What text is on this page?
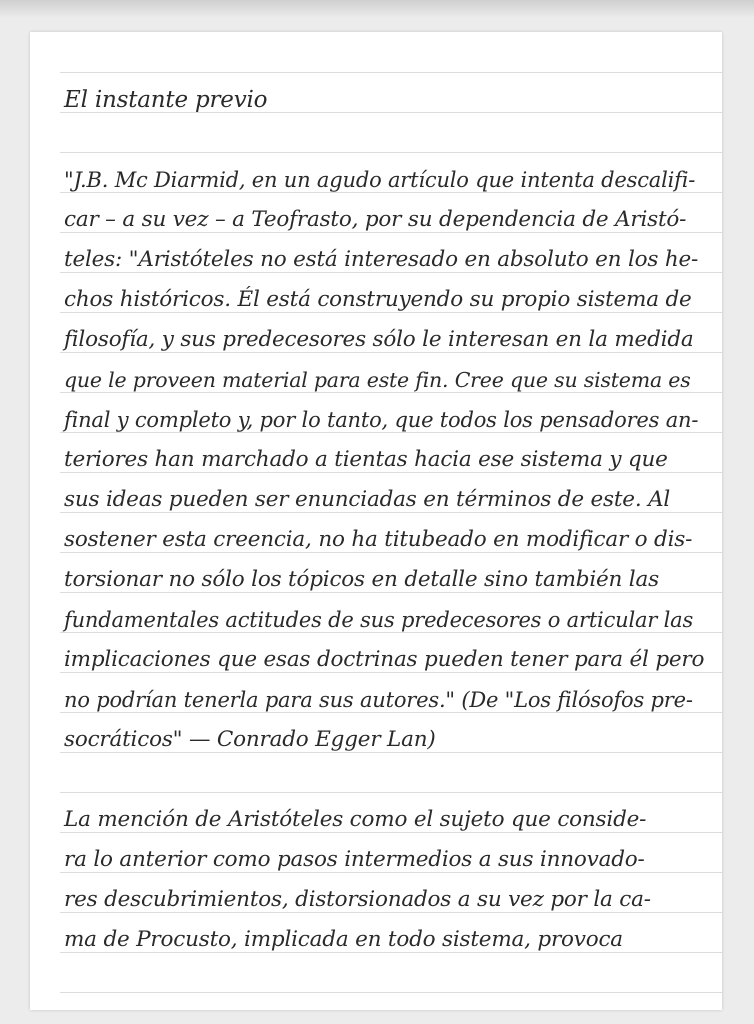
El instante previo
"J.B. Mc Diarmid, en un agudo artículo que intenta descalifi-
car – a su vez – a Teofrasto, por su dependencia de Aristó-
teles: "Aristóteles no está interesado en absoluto en los he-
chos históricos. Él está construyendo su propio sistema de
filosofía, y sus predecesores sólo le interesan en la medida
que le proveen material para este fin. Cree que su sistema es
final y completo y, por lo tanto, que todos los pensadores an-
teriores han marchado a tientas hacia ese sistema y que
sus ideas pueden ser enunciadas en términos de este. Al
sostener esta creencia, no ha titubeado en modificar o dis-
torsionar no sólo los tópicos en detalle sino también las
fundamentales actitudes de sus predecesores o articular las
implicaciones que esas doctrinas pueden tener para él pero
no podrían tenerla para sus autores." (De "Los filósofos pre-
socráticos" — Conrado Egger Lan)
La mención de Aristóteles como el sujeto que conside-
ra lo anterior como pasos intermedios a sus innovado-
res descubrimientos, distorsionados a su vez por la ca-
ma de Procusto, implicada en todo sistema, provoca
